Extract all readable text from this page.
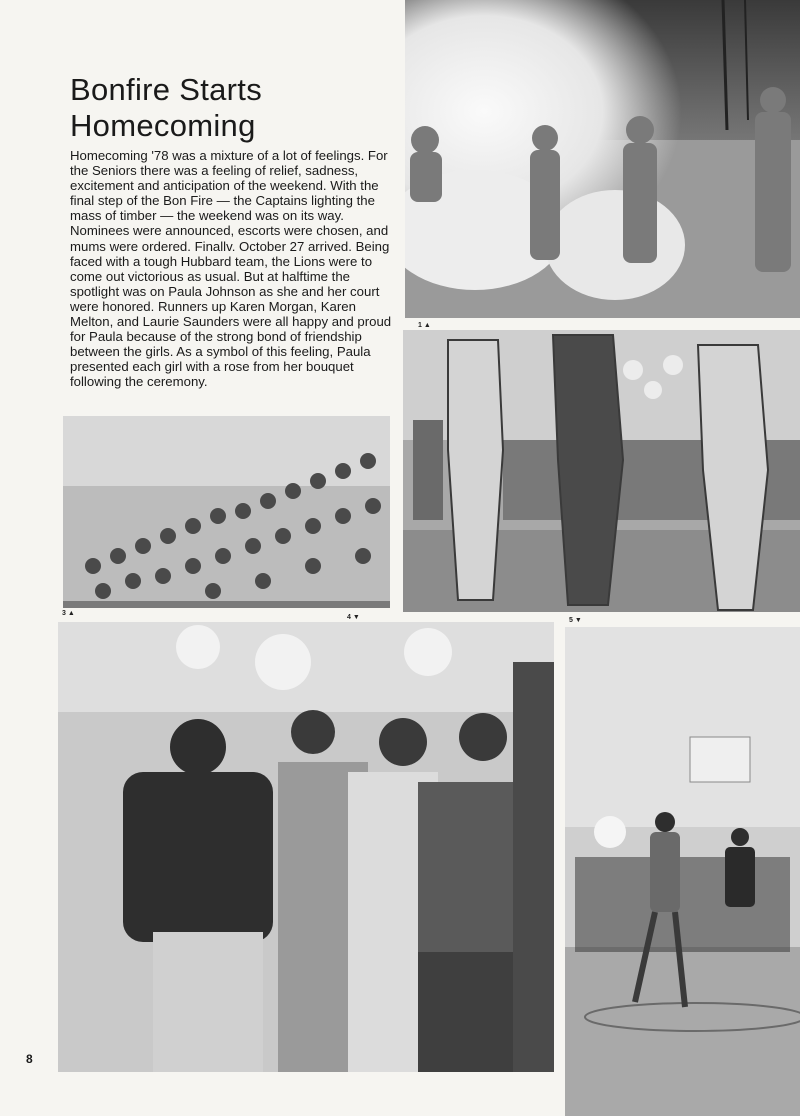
Bonfire Starts
Homecoming

Homecoming '78 was a mixture of a lot of feelings. For the Seniors there was a feeling of relief, sadness, excitement and anticipation of the weekend. With the final step of the Bon Fire — the Captains lighting the mass of timber — the weekend was on its way. Nominees were announced, escorts were chosen, and mums were ordered. Finallv. October 27 arrived. Being faced with a tough Hubbard team, the Lions were to come out victorious as usual. But at halftime the spotlight was on Paula Johnson as she and her court were honored. Runners up Karen Morgan, Karen Melton, and Laurie Saunders were all happy and proud for Paula because of the strong bond of friendship between the girls. As a symbol of this feeling, Paula presented each girl with a rose from her bouquet following the ceremony.

1 ▲
3 ▲
4 ▼	5 ▼
8
